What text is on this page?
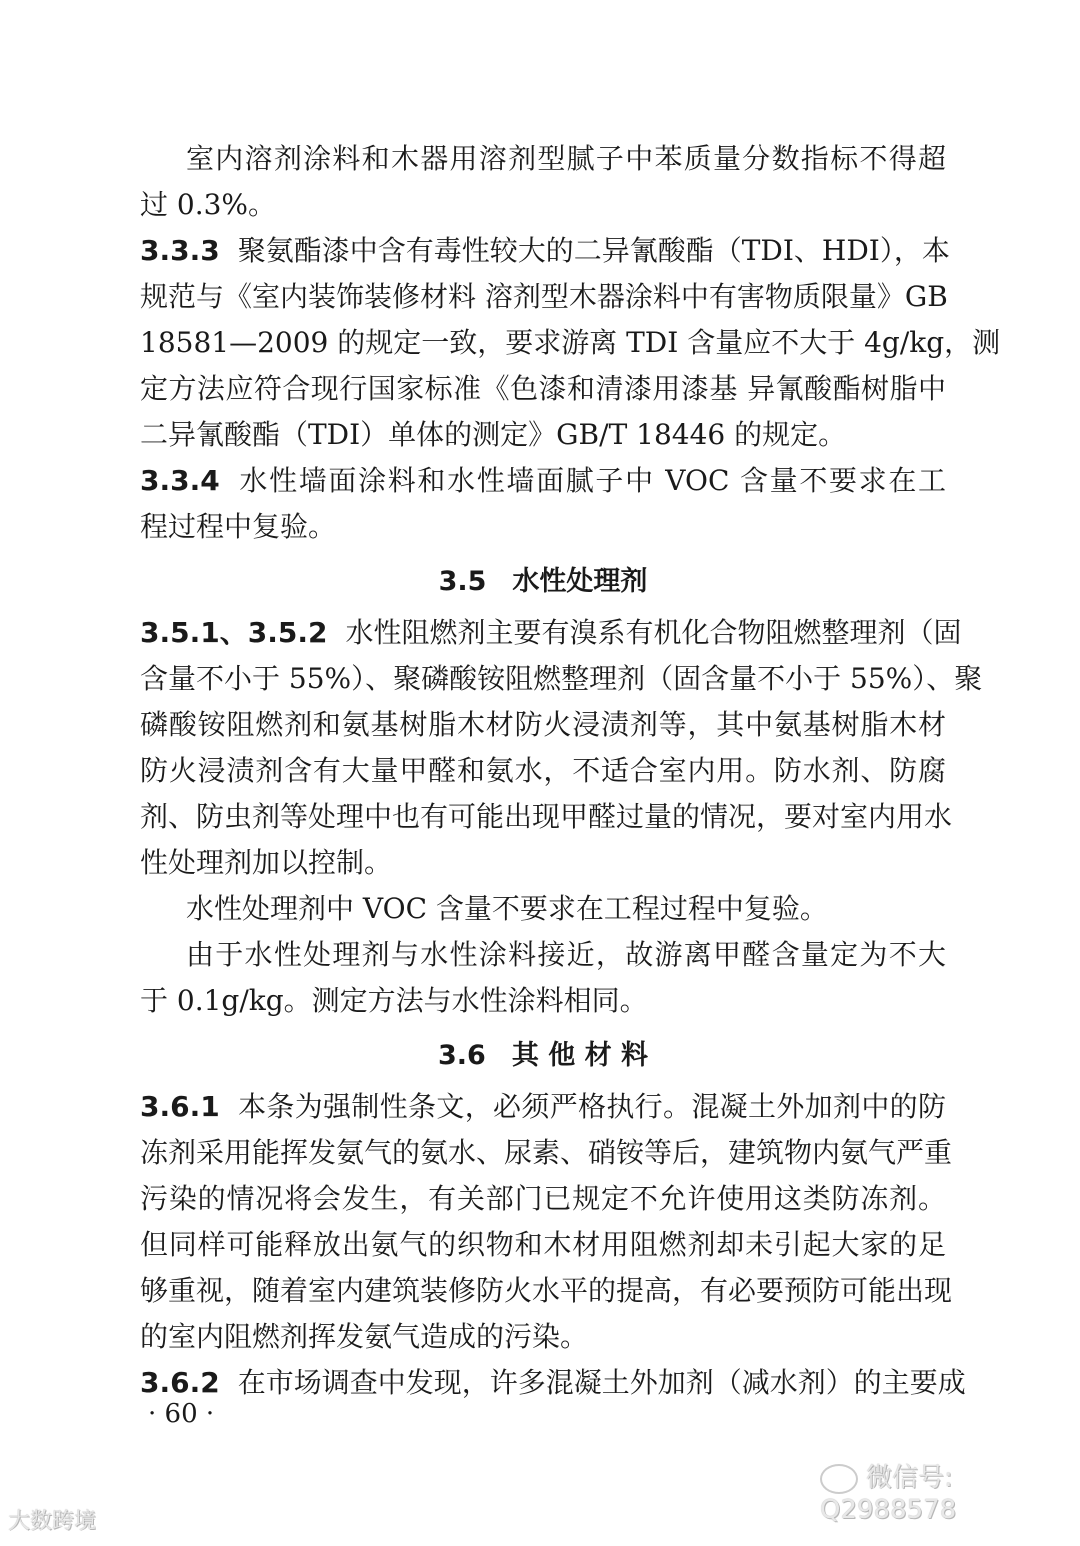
室内溶剂涂料和木器用溶剂型腻子中苯质量分数指标不得超
过 0.3%。
3.3.3 聚氨酯漆中含有毒性较大的二异氰酸酯（TDI、HDI），本
规范与《室内装饰装修材料 溶剂型木器涂料中有害物质限量》GB
18581—2009 的规定一致，要求游离 TDI 含量应不大于 4g/kg，测
定方法应符合现行国家标准《色漆和清漆用漆基 异氰酸酯树脂中
二异氰酸酯（TDI）单体的测定》GB/T 18446 的规定。
3.3.4 水性墙面涂料和水性墙面腻子中 VOC 含量不要求在工
程过程中复验。
3.5 水性处理剂
3.5.1、3.5.2 水性阻燃剂主要有溴系有机化合物阻燃整理剂（固
含量不小于 55%）、聚磷酸铵阻燃整理剂（固含量不小于 55%）、聚
磷酸铵阻燃剂和氨基树脂木材防火浸渍剂等，其中氨基树脂木材
防火浸渍剂含有大量甲醛和氨水，不适合室内用。防水剂、防腐
剂、防虫剂等处理中也有可能出现甲醛过量的情况，要对室内用水
性处理剂加以控制。
水性处理剂中 VOC 含量不要求在工程过程中复验。
由于水性处理剂与水性涂料接近，故游离甲醛含量定为不大
于 0.1g/kg。测定方法与水性涂料相同。
3.6 其 他 材 料
3.6.1 本条为强制性条文，必须严格执行。混凝土外加剂中的防
冻剂采用能挥发氨气的氨水、尿素、硝铵等后，建筑物内氨气严重
污染的情况将会发生，有关部门已规定不允许使用这类防冻剂。
但同样可能释放出氨气的织物和木材用阻燃剂却未引起大家的足
够重视，随着室内建筑装修防火水平的提高，有必要预防可能出现
的室内阻燃剂挥发氨气造成的污染。
3.6.2 在市场调查中发现，许多混凝土外加剂（减水剂）的主要成
· 60 ·
微信号: Q2988578
大数跨境
